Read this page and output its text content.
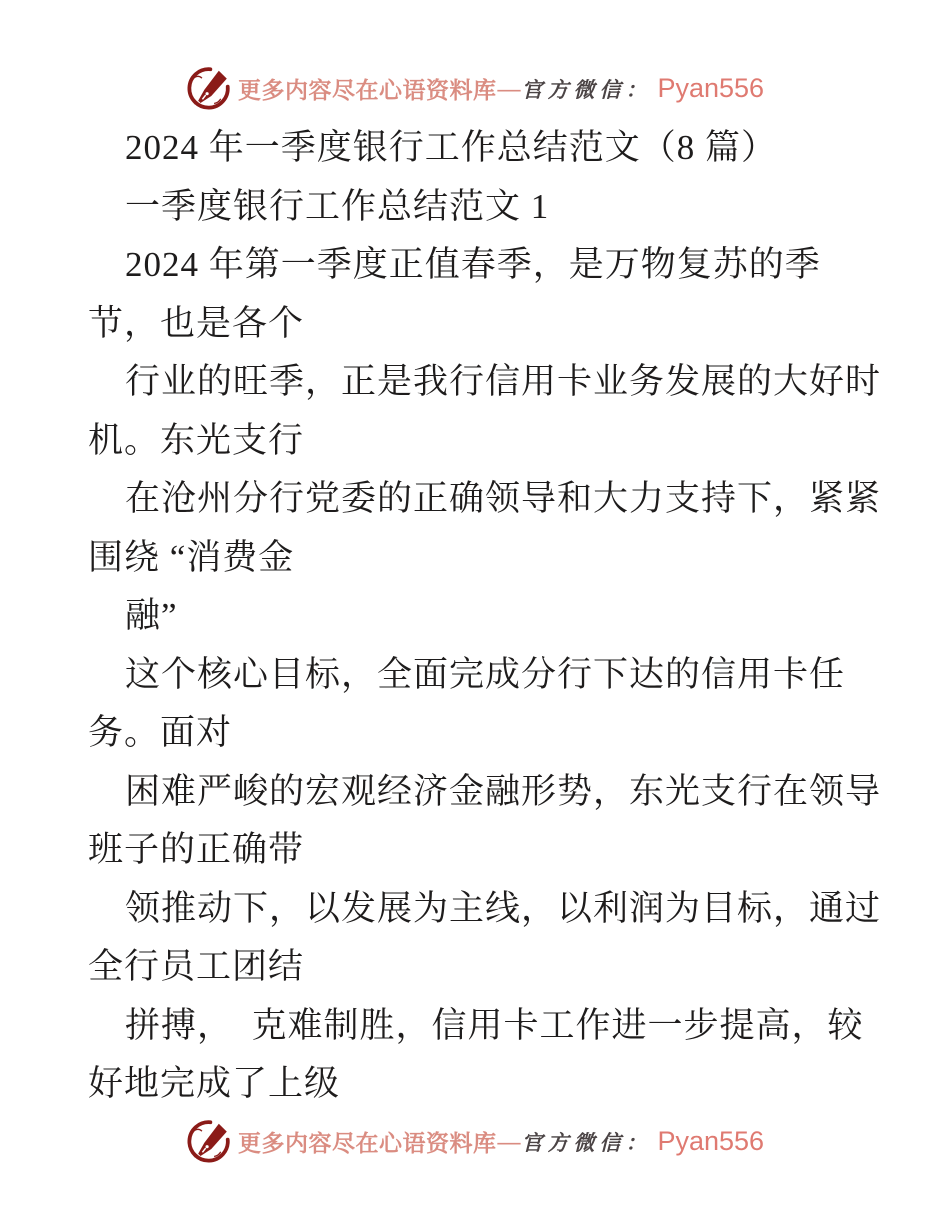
更多内容尽在心语资料库 — 官方微信： Pyan556
2024 年一季度银行工作总结范文（8 篇）
一季度银行工作总结范文 1
2024 年第一季度正值春季，是万物复苏的季
节，也是各个
行业的旺季，正是我行信用卡业务发展的大好时
机。东光支行
在沧州分行党委的正确领导和大力支持下，紧紧
围绕 “消费金
融”
这个核心目标，全面完成分行下达的信用卡任
务。面对
困难严峻的宏观经济金融形势，东光支行在领导
班子的正确带
领推动下，以发展为主线，以利润为目标，通过
全行员工团结
拼搏，　克难制胜，信用卡工作进一步提高，较
好地完成了上级
更多内容尽在心语资料库 — 官方微信： Pyan556
